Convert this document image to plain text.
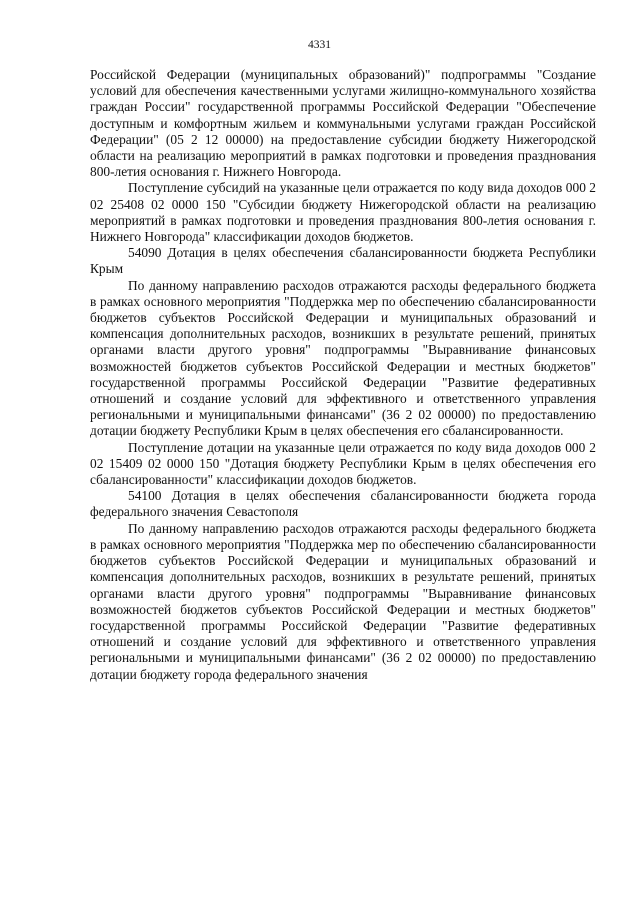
4331

Российской Федерации (муниципальных образований)" подпрограммы "Создание условий для обеспечения качественными услугами жилищно-коммунального хозяйства граждан России" государственной программы Российской Федерации "Обеспечение доступным и комфортным жильем и коммунальными услугами граждан Российской Федерации" (05 2 12 00000) на предоставление субсидии бюджету Нижегородской области на реализацию мероприятий в рамках подготовки и проведения празднования 800-летия основания г. Нижнего Новгорода.

Поступление субсидий на указанные цели отражается по коду вида доходов 000 2 02 25408 02 0000 150 "Субсидии бюджету Нижегородской области на реализацию мероприятий в рамках подготовки и проведения празднования 800-летия основания г. Нижнего Новгорода" классификации доходов бюджетов.

54090 Дотация в целях обеспечения сбалансированности бюджета Республики Крым

По данному направлению расходов отражаются расходы федерального бюджета в рамках основного мероприятия "Поддержка мер по обеспечению сбалансированности бюджетов субъектов Российской Федерации и муниципальных образований и компенсация дополнительных расходов, возникших в результате решений, принятых органами власти другого уровня" подпрограммы "Выравнивание финансовых возможностей бюджетов субъектов Российской Федерации и местных бюджетов" государственной программы Российской Федерации "Развитие федеративных отношений и создание условий для эффективного и ответственного управления региональными и муниципальными финансами" (36 2 02 00000) по предоставлению дотации бюджету Республики Крым в целях обеспечения его сбалансированности.

Поступление дотации на указанные цели отражается по коду вида доходов 000 2 02 15409 02 0000 150 "Дотация бюджету Республики Крым в целях обеспечения его сбалансированности" классификации доходов бюджетов.

54100 Дотация в целях обеспечения сбалансированности бюджета города федерального значения Севастополя

По данному направлению расходов отражаются расходы федерального бюджета в рамках основного мероприятия "Поддержка мер по обеспечению сбалансированности бюджетов субъектов Российской Федерации и муниципальных образований и компенсация дополнительных расходов, возникших в результате решений, принятых органами власти другого уровня" подпрограммы "Выравнивание финансовых возможностей бюджетов субъектов Российской Федерации и местных бюджетов" государственной программы Российской Федерации "Развитие федеративных отношений и создание условий для эффективного и ответственного управления региональными и муниципальными финансами" (36 2 02 00000) по предоставлению дотации бюджету города федерального значения
